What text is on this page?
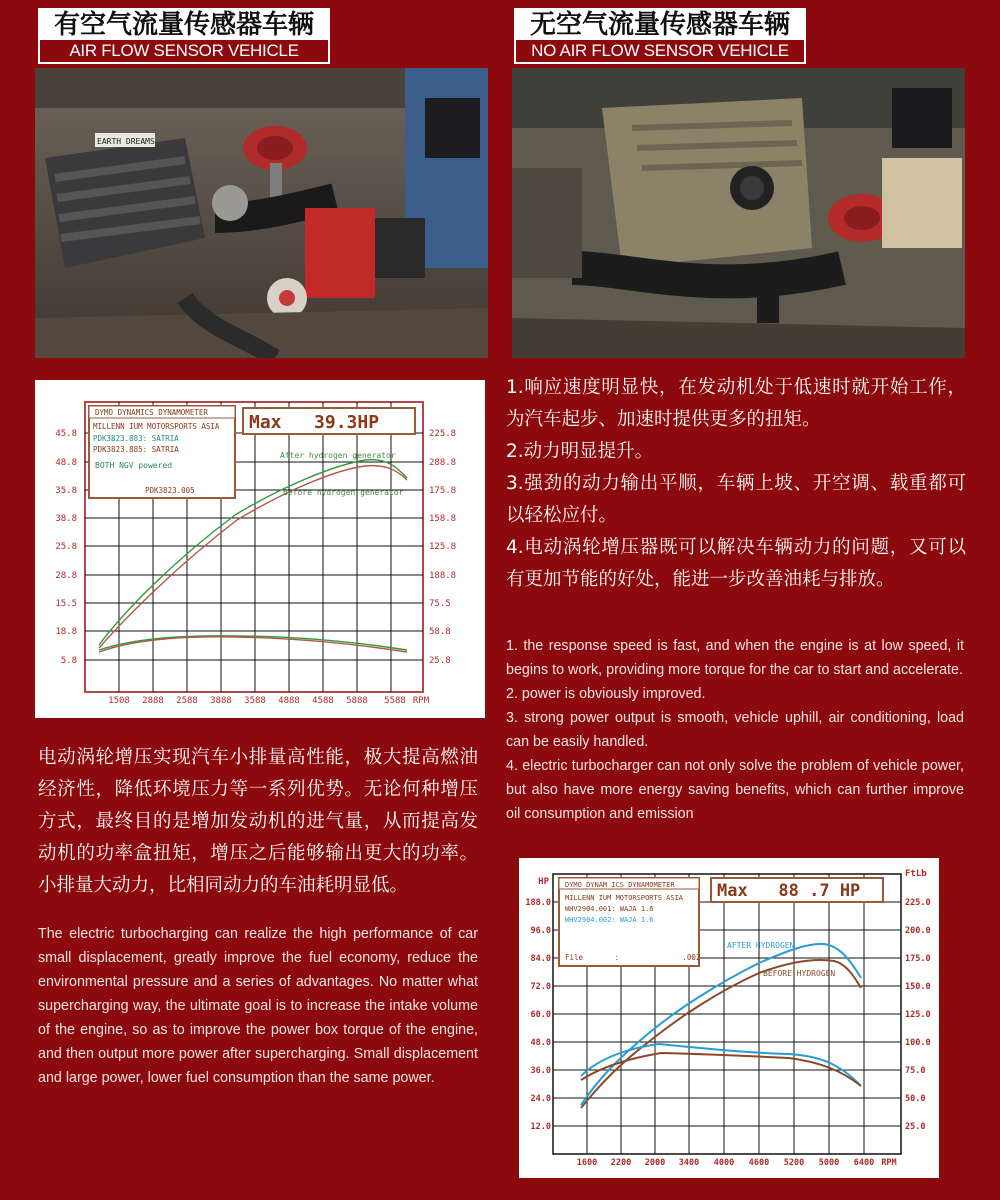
有空气流量传感器车辆
AIR FLOW SENSOR VEHICLE
无空气流量传感器车辆
NO AIR FLOW SENSOR VEHICLE
EARTH DREAMS
45.8
48.8
35.8
38.8
25.8
28.8
15.5
18.8
5.8
225.8
288.8
175.8
158.8
125.8
188.8
75.5
58.8
25.8
1508 2888 2588 3888 3588 4888 4588 5888 5588 RPM
After hydrogen generator
Before hydrogen generator
DYMO DYNAMICS DYNAMOMETER
MILLENN IUM MOTORSPORTS ASIA
PDK3823.883: SATRIA
PDK3823.885: SATRIA
BOTH NGV powered
PDK3823.005
Max   39.3HP

1.响应速度明显快，在发动机处于低速时就开始工作，为汽车起步、加速时提供更多的扭矩。

2.动力明显提升。

3.强劲的动力输出平顺，车辆上坡、开空调、载重都可以轻松应付。

4.电动涡轮增压器既可以解决车辆动力的问题，又可以有更加节能的好处，能进一步改善油耗与排放。

1. the response speed is fast, and when the engine is at low speed, it begins to work, providing more torque for the car to start and accelerate.

2. power is obviously improved.

3. strong power output is smooth, vehicle uphill, air conditioning, load can be easily handled.

4. electric turbocharger can not only solve the problem of vehicle power, but also have more energy saving benefits, which can further improve oil consumption and emission

电动涡轮增压实现汽车小排量高性能，极大提高燃油经济性，降低环境压力等一系列优势。无论何种增压方式，最终目的是增加发动机的进气量，从而提高发动机的功率盒扭矩，增压之后能够输出更大的功率。小排量大动力，比相同动力的车油耗明显低。

The electric turbocharging can realize the high performance of car small displacement, greatly improve the fuel economy, reduce the environmental pressure and a series of advantages. No matter what supercharging way, the ultimate goal is to increase the intake volume of the engine, so as to improve the power box torque of the engine, and then output more power after supercharging. Small displacement and large power, lower fuel consumption than the same power.

HP
FtLb
188.0
96.0
84.0
72.0
60.0
48.0
36.0
24.0
12.0
225.0
200.0
175.0
150.0
125.0
100.0
75.0
50.0
25.0
1600 2200 2000 3400 4000 4600 5200 5000 6400 RPM
AFTER HYDROGEN
BEFORE HYDROGEN
DYMO DYNAM ICS DYNAMOMETER
MILLENN IUM MOTORSPORTS ASIA
WHV2904.001: WAJA 1.6
WHV2904.002: WAJA 1.6
File       :              .002
Max   88 .7 HP
